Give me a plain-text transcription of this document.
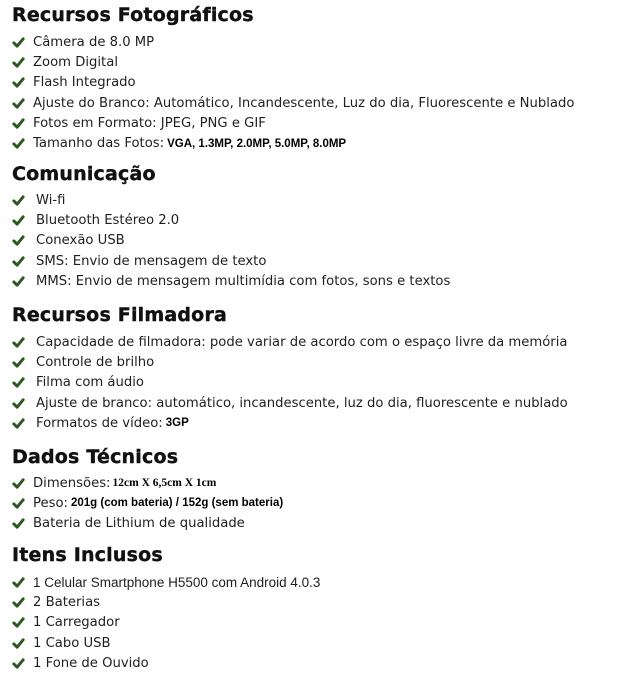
Recursos Fotográficos
Câmera de 8.0 MP
Zoom Digital
Flash Integrado
Ajuste do Branco: Automático, Incandescente, Luz do dia, Fluorescente e Nublado
Fotos em Formato: JPEG, PNG e GIF
Tamanho das Fotos: VGA, 1.3MP, 2.0MP, 5.0MP, 8.0MP
Comunicação
Wi-fi
Bluetooth Estéreo 2.0
Conexão USB
SMS: Envio de mensagem de texto
MMS: Envio de mensagem multimídia com fotos, sons e textos
Recursos Filmadora
Capacidade de filmadora: pode variar de acordo com o espaço livre da memória
Controle de brilho
Filma com áudio
Ajuste de branco: automático, incandescente, luz do dia, fluorescente e nublado
Formatos de vídeo: 3GP
Dados Técnicos
Dimensões: 12cm X 6,5cm X 1cm
Peso: 201g (com bateria) / 152g (sem bateria)
Bateria de Lithium de qualidade
Itens Inclusos
1 Celular Smartphone H5500 com Android 4.0.3
2 Baterias
1 Carregador
1 Cabo USB
1 Fone de Ouvido
